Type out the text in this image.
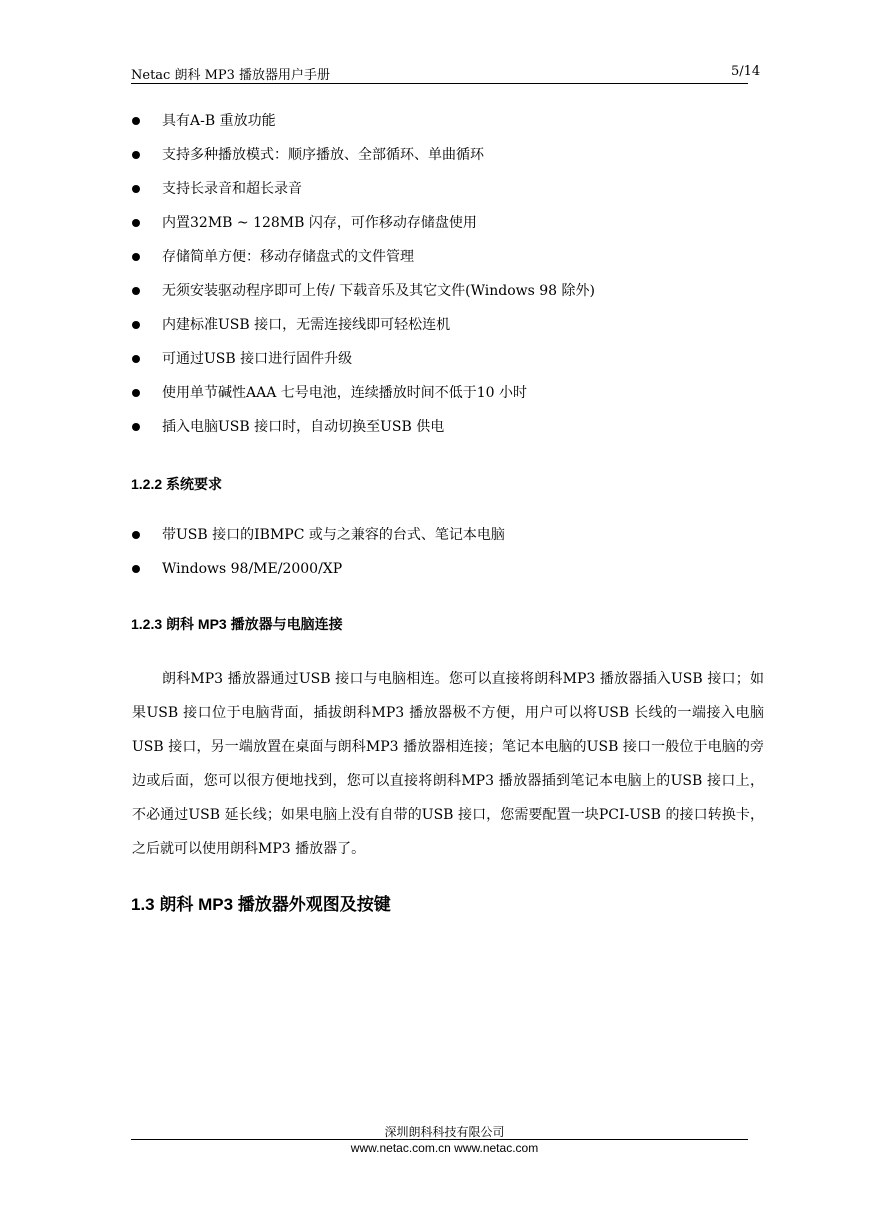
Netac 朗科 MP3 播放器用户手册	5/14
具有A-B 重放功能
支持多种播放模式：顺序播放、全部循环、单曲循环
支持长录音和超长录音
内置32MB ~ 128MB 闪存，可作移动存储盘使用
存储简单方便：移动存储盘式的文件管理
无须安装驱动程序即可上传/ 下载音乐及其它文件(Windows 98 除外)
内建标准USB 接口，无需连接线即可轻松连机
可通过USB 接口进行固件升级
使用单节碱性AAA 七号电池，连续播放时间不低于10 小时
插入电脑USB 接口时，自动切换至USB 供电
1.2.2 系统要求
带USB 接口的IBMPC 或与之兼容的台式、笔记本电脑
Windows 98/ME/2000/XP
1.2.3 朗科 MP3 播放器与电脑连接

朗科MP3 播放器通过USB 接口与电脑相连。您可以直接将朗科MP3 播放器插入USB 接口；如果USB 接口位于电脑背面，插拔朗科MP3 播放器极不方便，用户可以将USB 长线的一端接入电脑USB 接口，另一端放置在桌面与朗科MP3 播放器相连接；笔记本电脑的USB 接口一般位于电脑的旁边或后面，您可以很方便地找到，您可以直接将朗科MP3 播放器插到笔记本电脑上的USB 接口上，不必通过USB 延长线；如果电脑上没有自带的USB 接口，您需要配置一块PCI-USB 的接口转换卡，之后就可以使用朗科MP3 播放器了。

1.3 朗科 MP3 播放器外观图及按键
深圳朗科科技有限公司
www.netac.com.cn www.netac.com
